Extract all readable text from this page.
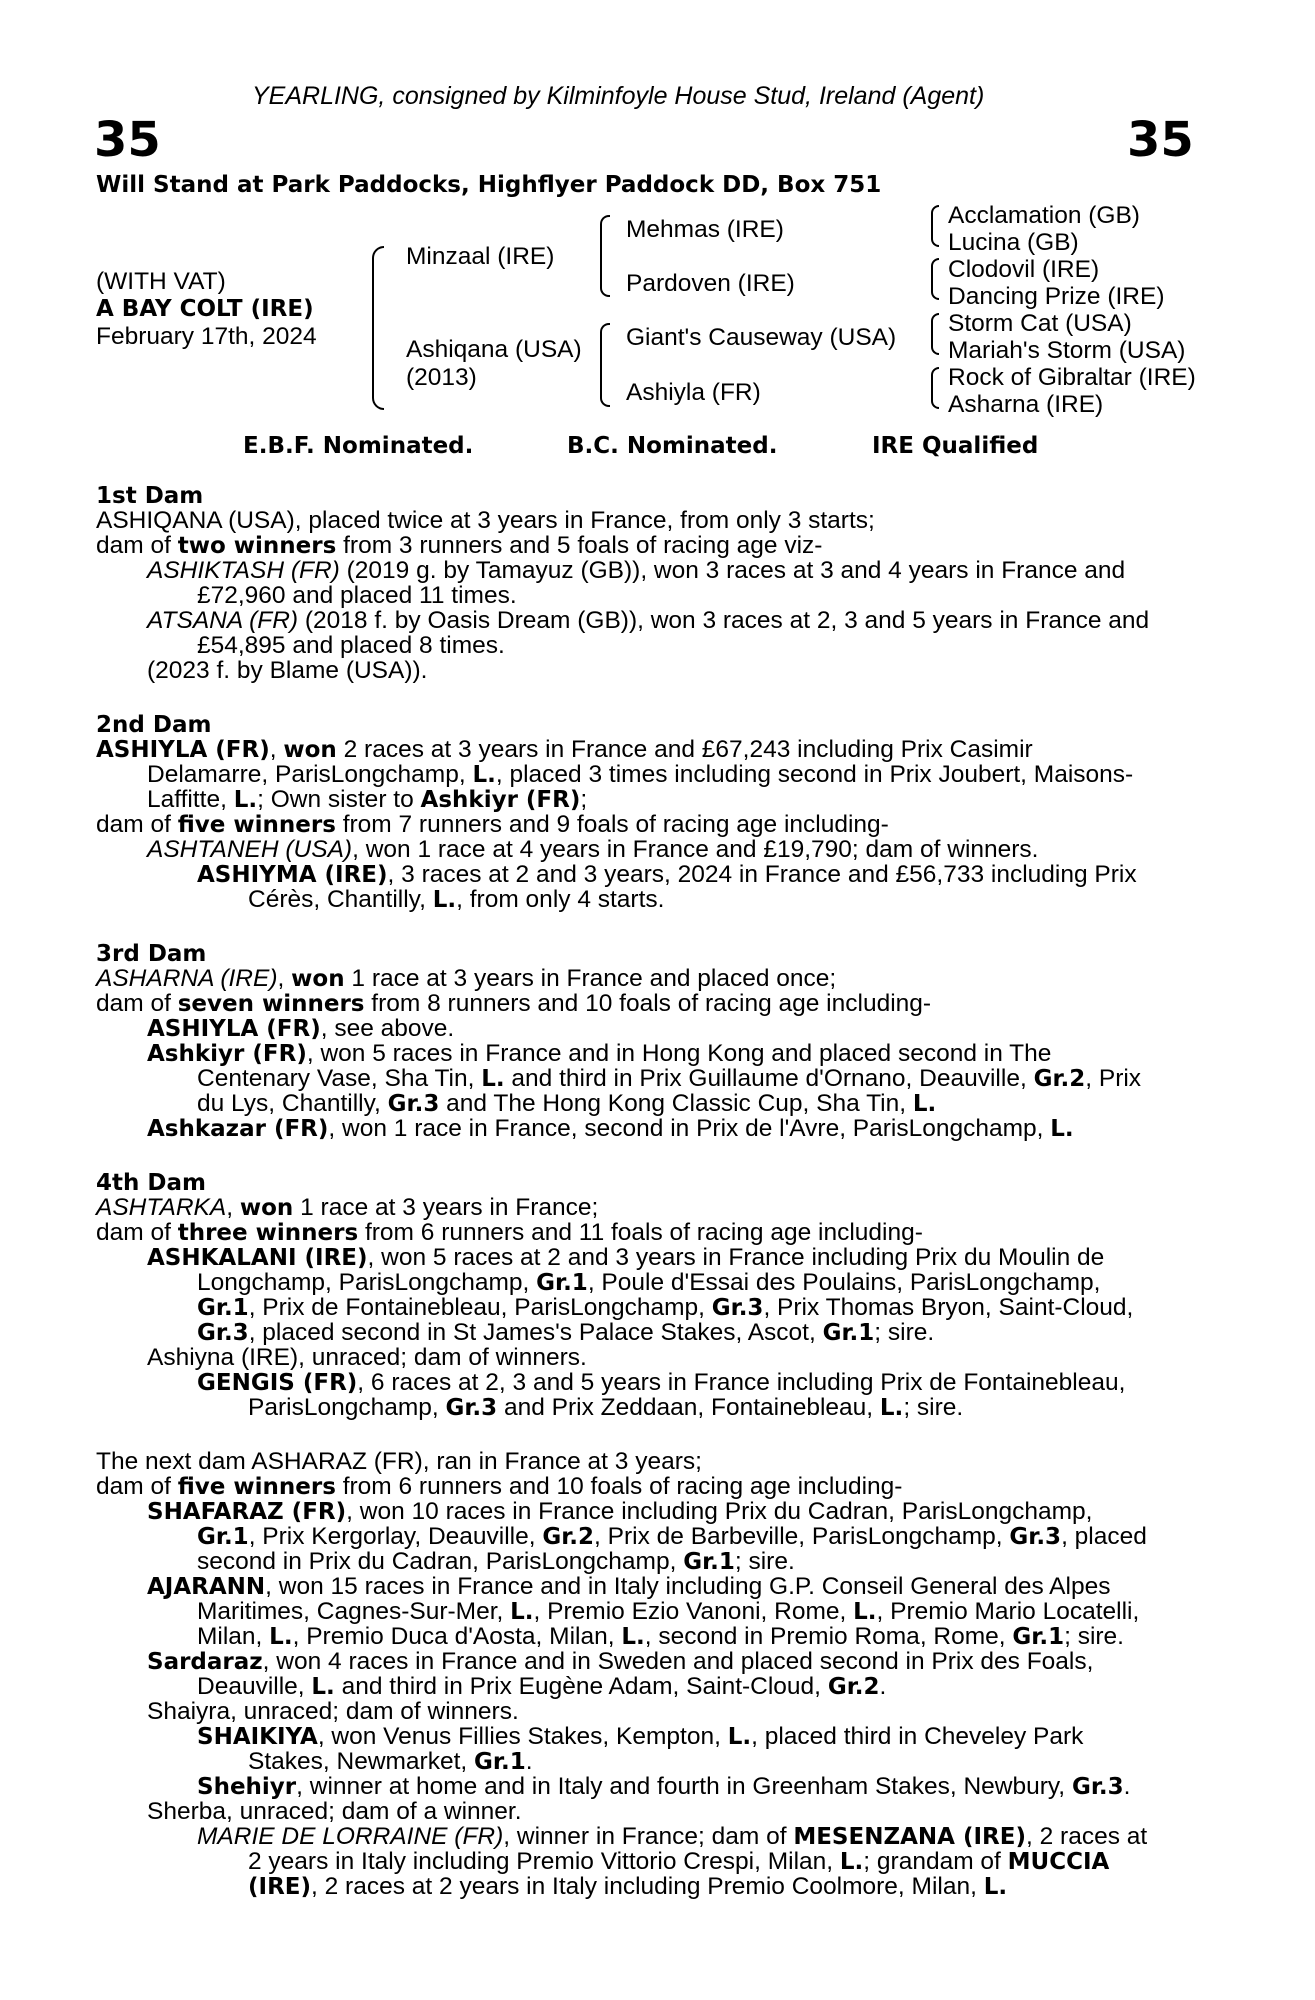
YEARLING, consigned by Kilminfoyle House Stud, Ireland (Agent)
35	35
Will Stand at Park Paddocks, Highflyer Paddock DD, Box 751
(WITH VAT)
A BAY COLT (IRE)
February 17th, 2024
Minzaal (IRE)
Ashiqana (USA)
(2013)
Mehmas (IRE)
Pardoven (IRE)
Giant's Causeway (USA)
Ashiyla (FR)
Acclamation (GB)
Lucina (GB)
Clodovil (IRE)
Dancing Prize (IRE)
Storm Cat (USA)
Mariah's Storm (USA)
Rock of Gibraltar (IRE)
Asharna (IRE)
E.B.F. Nominated.	B.C. Nominated.	IRE Qualified
1st Dam
ASHIQANA (USA), placed twice at 3 years in France, from only 3 starts;
dam of two winners from 3 runners and 5 foals of racing age viz-
ASHIKTASH (FR) (2019 g. by Tamayuz (GB)), won 3 races at 3 and 4 years in France and
£72,960 and placed 11 times.
ATSANA (FR) (2018 f. by Oasis Dream (GB)), won 3 races at 2, 3 and 5 years in France and
£54,895 and placed 8 times.
(2023 f. by Blame (USA)).
2nd Dam
ASHIYLA (FR), won 2 races at 3 years in France and £67,243 including Prix Casimir
Delamarre, ParisLongchamp, L., placed 3 times including second in Prix Joubert, Maisons-
Laffitte, L.; Own sister to Ashkiyr (FR);
dam of five winners from 7 runners and 9 foals of racing age including-
ASHTANEH (USA), won 1 race at 4 years in France and £19,790; dam of winners.
ASHIYMA (IRE), 3 races at 2 and 3 years, 2024 in France and £56,733 including Prix
Cérès, Chantilly, L., from only 4 starts.
3rd Dam
ASHARNA (IRE), won 1 race at 3 years in France and placed once;
dam of seven winners from 8 runners and 10 foals of racing age including-
ASHIYLA (FR), see above.
Ashkiyr (FR), won 5 races in France and in Hong Kong and placed second in The
Centenary Vase, Sha Tin, L. and third in Prix Guillaume d'Ornano, Deauville, Gr.2, Prix
du Lys, Chantilly, Gr.3 and The Hong Kong Classic Cup, Sha Tin, L.
Ashkazar (FR), won 1 race in France, second in Prix de l'Avre, ParisLongchamp, L.
4th Dam
ASHTARKA, won 1 race at 3 years in France;
dam of three winners from 6 runners and 11 foals of racing age including-
ASHKALANI (IRE), won 5 races at 2 and 3 years in France including Prix du Moulin de
Longchamp, ParisLongchamp, Gr.1, Poule d'Essai des Poulains, ParisLongchamp,
Gr.1, Prix de Fontainebleau, ParisLongchamp, Gr.3, Prix Thomas Bryon, Saint-Cloud,
Gr.3, placed second in St James's Palace Stakes, Ascot, Gr.1; sire.
Ashiyna (IRE), unraced; dam of winners.
GENGIS (FR), 6 races at 2, 3 and 5 years in France including Prix de Fontainebleau,
ParisLongchamp, Gr.3 and Prix Zeddaan, Fontainebleau, L.; sire.
The next dam ASHARAZ (FR), ran in France at 3 years;
dam of five winners from 6 runners and 10 foals of racing age including-
SHAFARAZ (FR), won 10 races in France including Prix du Cadran, ParisLongchamp,
Gr.1, Prix Kergorlay, Deauville, Gr.2, Prix de Barbeville, ParisLongchamp, Gr.3, placed
second in Prix du Cadran, ParisLongchamp, Gr.1; sire.
AJARANN, won 15 races in France and in Italy including G.P. Conseil General des Alpes
Maritimes, Cagnes-Sur-Mer, L., Premio Ezio Vanoni, Rome, L., Premio Mario Locatelli,
Milan, L., Premio Duca d'Aosta, Milan, L., second in Premio Roma, Rome, Gr.1; sire.
Sardaraz, won 4 races in France and in Sweden and placed second in Prix des Foals,
Deauville, L. and third in Prix Eugène Adam, Saint-Cloud, Gr.2.
Shaiyra, unraced; dam of winners.
SHAIKIYA, won Venus Fillies Stakes, Kempton, L., placed third in Cheveley Park
Stakes, Newmarket, Gr.1.
Shehiyr, winner at home and in Italy and fourth in Greenham Stakes, Newbury, Gr.3.
Sherba, unraced; dam of a winner.
MARIE DE LORRAINE (FR), winner in France; dam of MESENZANA (IRE), 2 races at
2 years in Italy including Premio Vittorio Crespi, Milan, L.; grandam of MUCCIA
(IRE), 2 races at 2 years in Italy including Premio Coolmore, Milan, L.
